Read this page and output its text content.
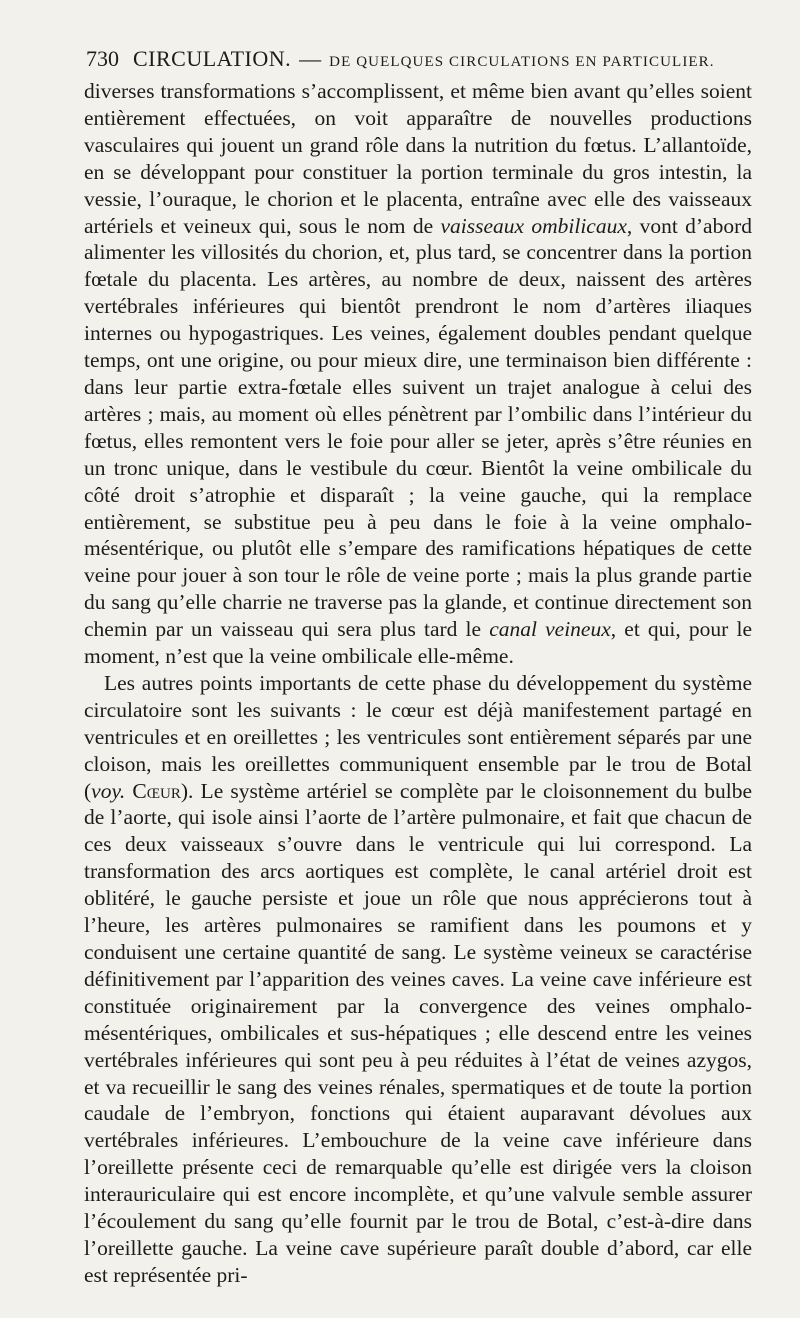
730 CIRCULATION. — DE QUELQUES CIRCULATIONS EN PARTICULIER.

diverses transformations s’accomplissent, et même bien avant qu’elles soient entièrement effectuées, on voit apparaître de nouvelles productions vasculaires qui jouent un grand rôle dans la nutrition du fœtus. L’allantoïde, en se développant pour constituer la portion terminale du gros intestin, la vessie, l’ouraque, le chorion et le placenta, entraîne avec elle des vaisseaux artériels et veineux qui, sous le nom de vaisseaux ombilicaux, vont d’abord alimenter les villosités du chorion, et, plus tard, se concentrer dans la portion fœtale du placenta. Les artères, au nombre de deux, naissent des artères vertébrales inférieures qui bientôt prendront le nom d’artères iliaques internes ou hypogastriques. Les veines, également doubles pendant quelque temps, ont une origine, ou pour mieux dire, une terminaison bien différente : dans leur partie extra-fœtale elles suivent un trajet analogue à celui des artères ; mais, au moment où elles pénètrent par l’ombilic dans l’intérieur du fœtus, elles remontent vers le foie pour aller se jeter, après s’être réunies en un tronc unique, dans le vestibule du cœur. Bientôt la veine ombilicale du côté droit s’atrophie et disparaît ; la veine gauche, qui la remplace entièrement, se substitue peu à peu dans le foie à la veine omphalo-mésentérique, ou plutôt elle s’empare des ramifications hépatiques de cette veine pour jouer à son tour le rôle de veine porte ; mais la plus grande partie du sang qu’elle charrie ne traverse pas la glande, et continue directement son chemin par un vaisseau qui sera plus tard le canal veineux, et qui, pour le moment, n’est que la veine ombilicale elle-même.

Les autres points importants de cette phase du développement du système circulatoire sont les suivants : le cœur est déjà manifestement partagé en ventricules et en oreillettes ; les ventricules sont entièrement séparés par une cloison, mais les oreillettes communiquent ensemble par le trou de Botal (voy. Cœur). Le système artériel se complète par le cloisonnement du bulbe de l’aorte, qui isole ainsi l’aorte de l’artère pulmonaire, et fait que chacun de ces deux vaisseaux s’ouvre dans le ventricule qui lui correspond. La transformation des arcs aortiques est complète, le canal artériel droit est oblitéré, le gauche persiste et joue un rôle que nous apprécierons tout à l’heure, les artères pulmonaires se ramifient dans les poumons et y conduisent une certaine quantité de sang. Le système veineux se caractérise définitivement par l’apparition des veines caves. La veine cave inférieure est constituée originairement par la convergence des veines omphalo-mésentériques, ombilicales et sus-hépatiques ; elle descend entre les veines vertébrales inférieures qui sont peu à peu réduites à l’état de veines azygos, et va recueillir le sang des veines rénales, spermatiques et de toute la portion caudale de l’embryon, fonctions qui étaient auparavant dévolues aux vertébrales inférieures. L’embouchure de la veine cave inférieure dans l’oreillette présente ceci de remarquable qu’elle est dirigée vers la cloison interauriculaire qui est encore incomplète, et qu’une valvule semble assurer l’écoulement du sang qu’elle fournit par le trou de Botal, c’est-à-dire dans l’oreillette gauche. La veine cave supérieure paraît double d’abord, car elle est représentée pri-
